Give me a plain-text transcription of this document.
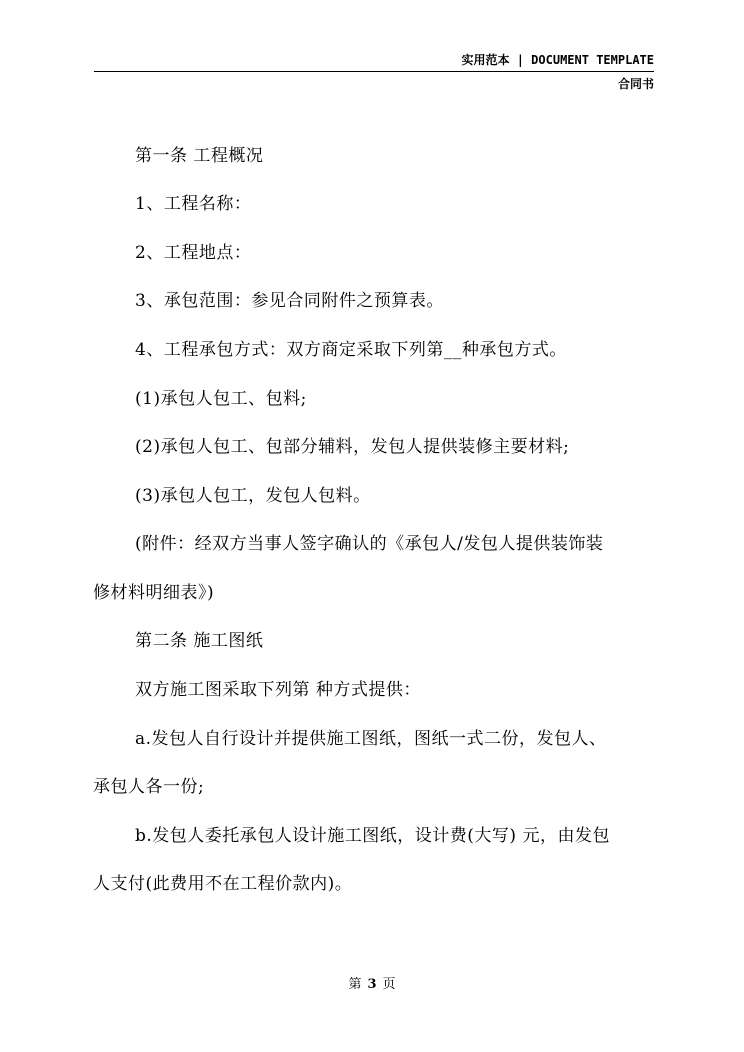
实用范本 | DOCUMENT TEMPLATE
合同书
第一条 工程概况
1、工程名称：
2、工程地点：
3、承包范围：参见合同附件之预算表。
4、工程承包方式：双方商定采取下列第__种承包方式。
(1)承包人包工、包料;
(2)承包人包工、包部分辅料，发包人提供装修主要材料;
(3)承包人包工，发包人包料。
(附件：经双方当事人签字确认的《承包人/发包人提供装饰装
修材料明细表》)
第二条 施工图纸
双方施工图采取下列第 种方式提供：
a.发包人自行设计并提供施工图纸，图纸一式二份，发包人、
承包人各一份;
b.发包人委托承包人设计施工图纸，设计费(大写) 元，由发包
人支付(此费用不在工程价款内)。
第 3 页
